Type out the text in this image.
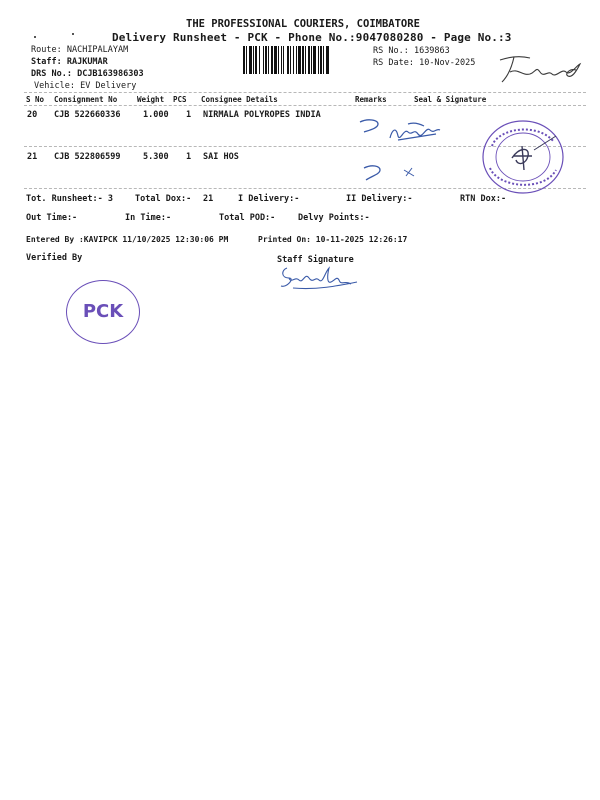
THE PROFESSIONAL COURIERS, COIMBATORE
Delivery Runsheet - PCK - Phone No.:9047080280 - Page No.:3
Route: NACHIPALAYAM
Staff: RAJKUMAR
DRS No.: DCJB163986303
Vehicle: EV Delivery
RS No.: 1639863
RS Date: 10-Nov-2025
S No Consignment No	Weight PCS Consignee Details	Remarks	Seal & Signature
20 CJB 522660336	1.000 1 NIRMALA POLYROPES INDIA
21 CJB 522806599	5.300 1 SAI HOS
Tot. Runsheet:- 3	Total Dox:- 21	I Delivery:-	II Delivery:-	RTN Dox:-
Out Time:-	In Time:-	Total POD:-	Delvy Points:-
Entered By :KAVIPCK 11/10/2025 12:30:06 PM	Printed On: 10-11-2025 12:26:17
Verified By	Staff Signature
PCK
